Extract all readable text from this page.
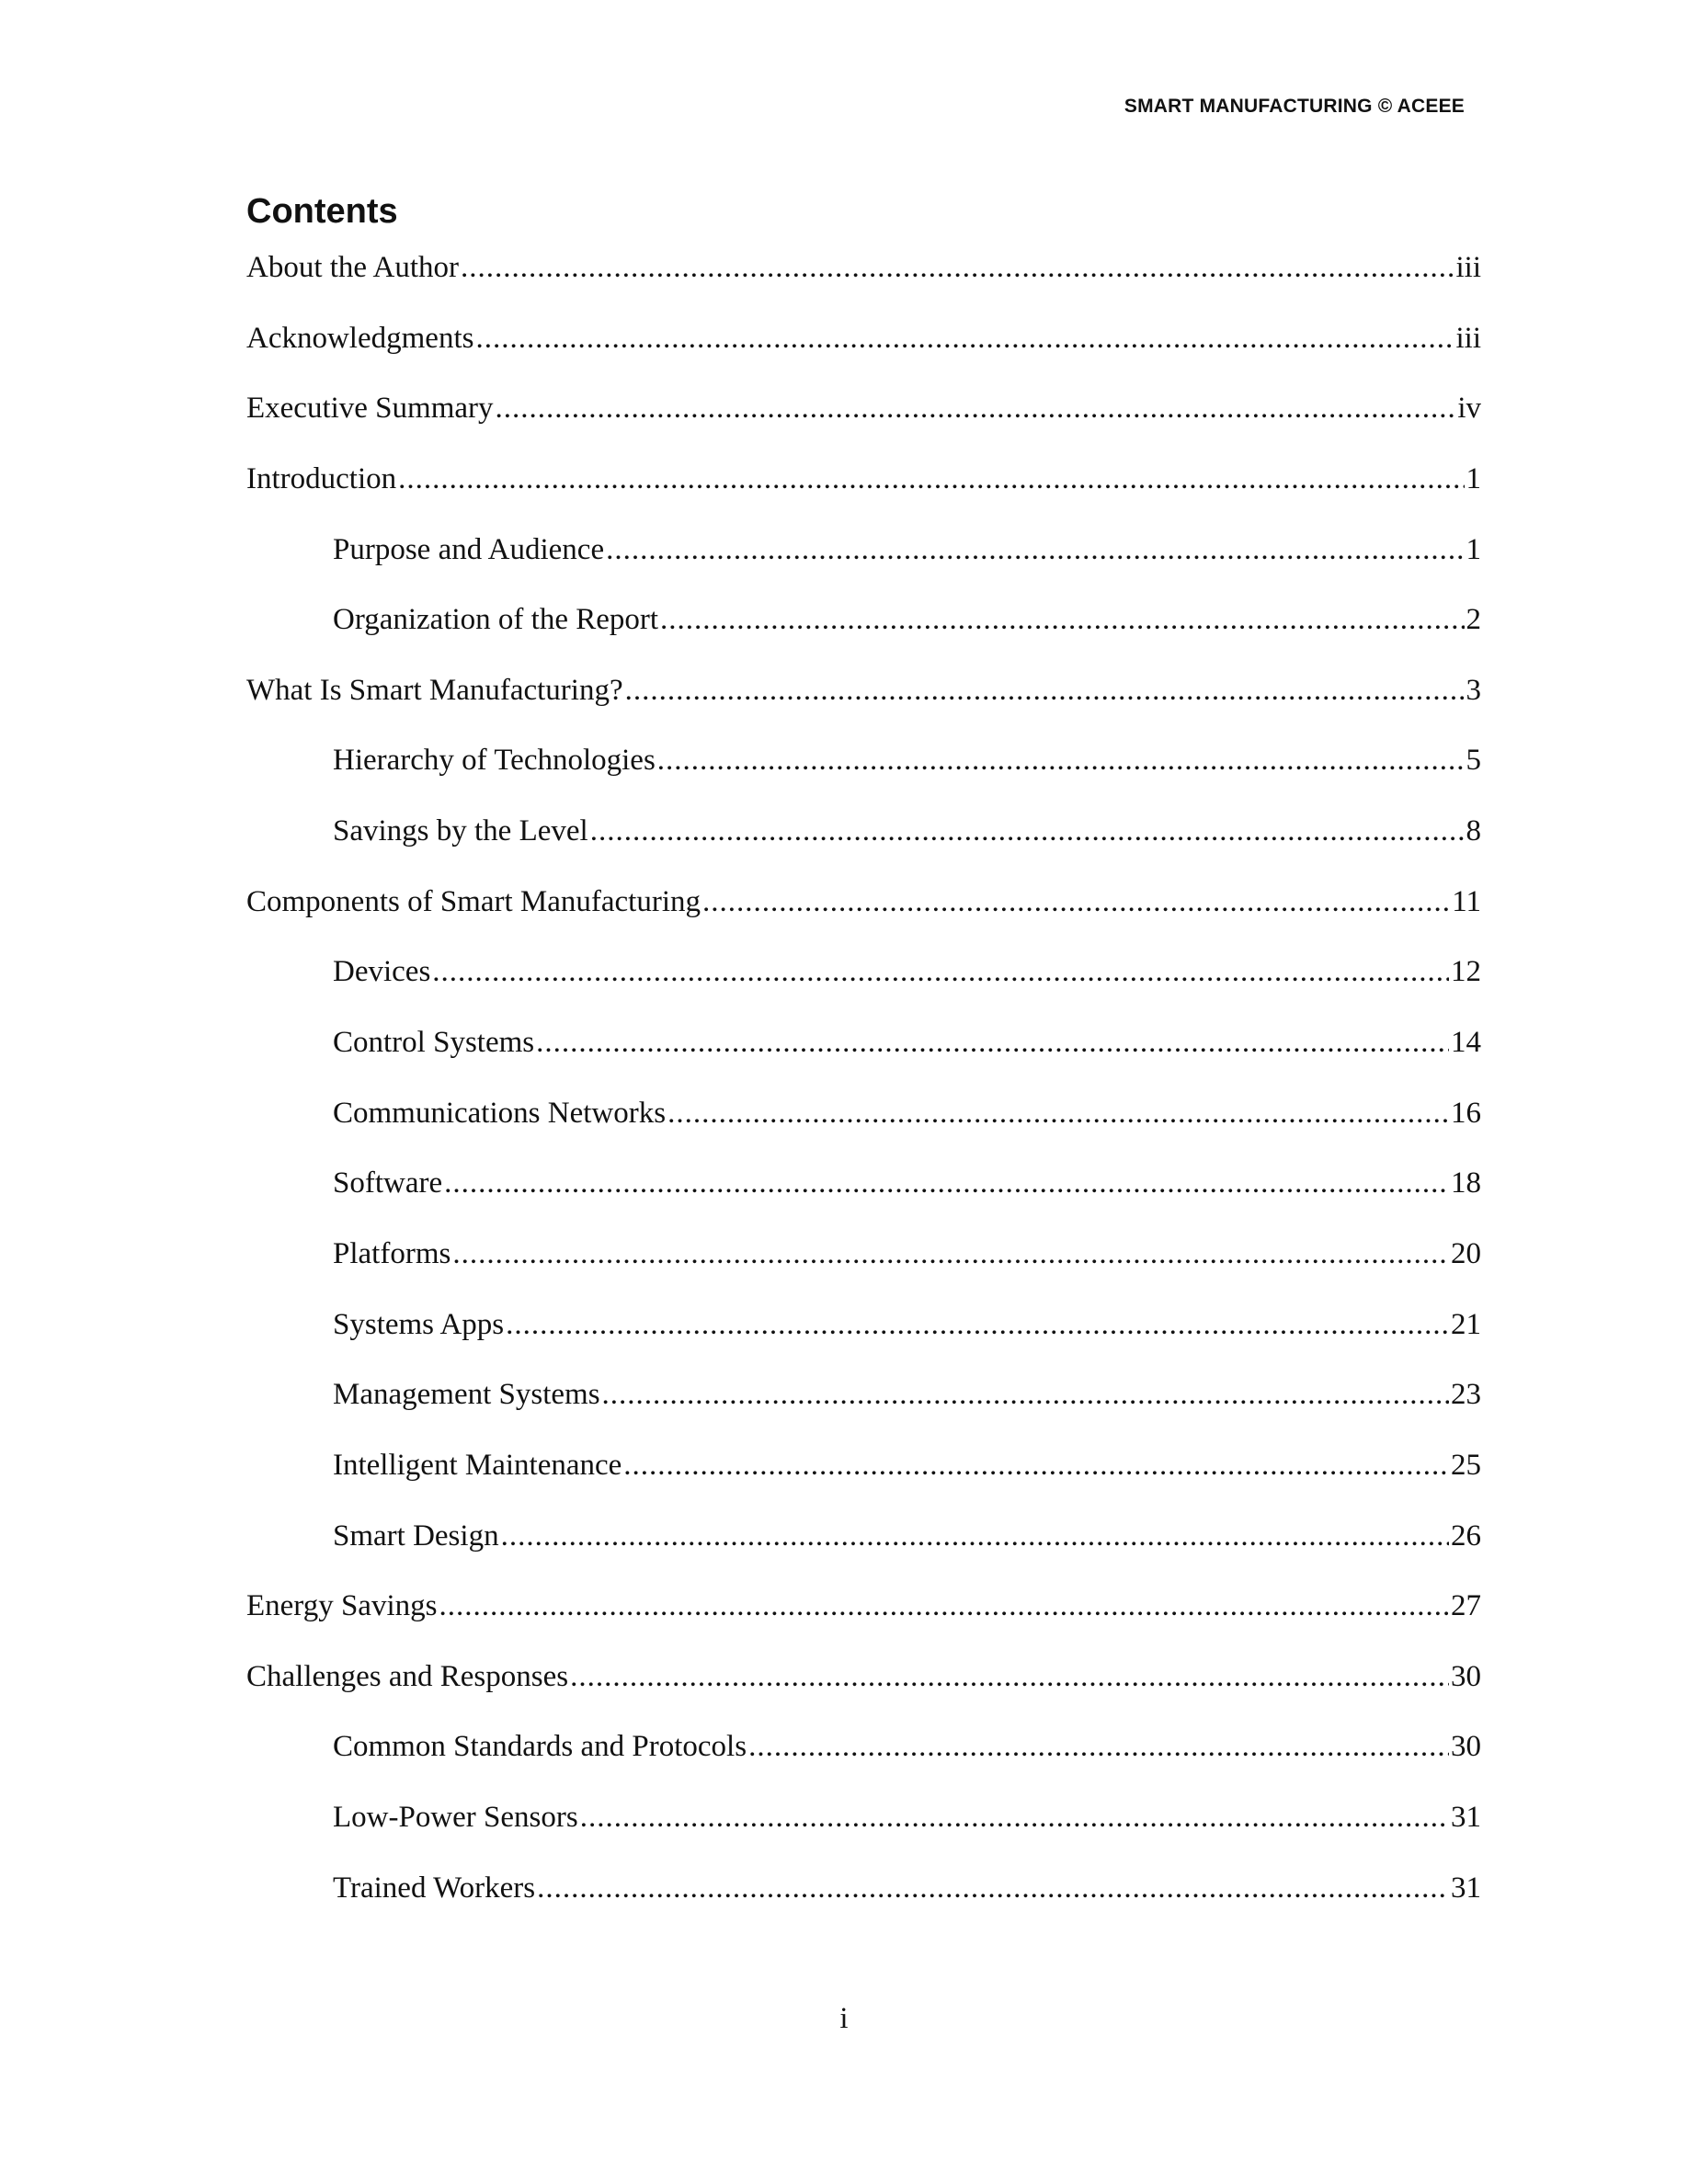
SMART MANUFACTURING © ACEEE
Contents
About the Author .....	iii
Acknowledgments .....	iii
Executive Summary .....	iv
Introduction .....	1
Purpose and Audience .....	1
Organization of the Report .....	2
What Is Smart Manufacturing? .....	3
Hierarchy of Technologies .....	5
Savings by the Level .....	8
Components of Smart Manufacturing .....	11
Devices .....	12
Control Systems .....	14
Communications Networks .....	16
Software .....	18
Platforms .....	20
Systems Apps .....	21
Management Systems .....	23
Intelligent Maintenance .....	25
Smart Design .....	26
Energy Savings .....	27
Challenges and Responses .....	30
Common Standards and Protocols .....	30
Low-Power Sensors .....	31
Trained Workers .....	31
i
